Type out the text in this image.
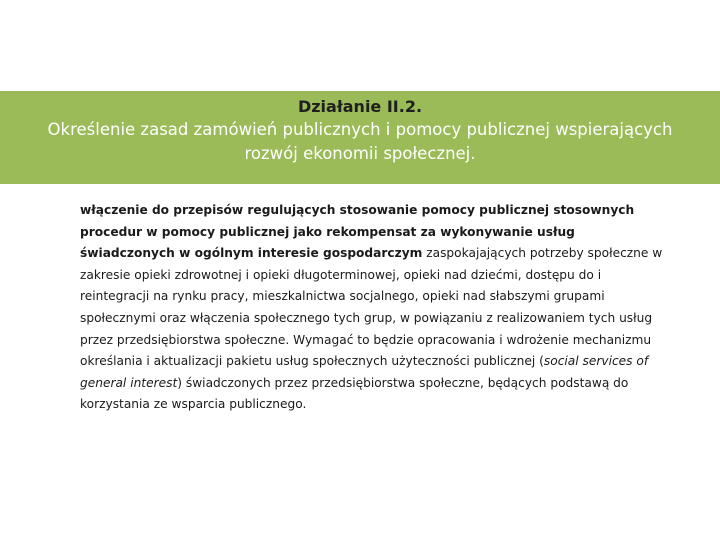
Działanie II.2.

Określenie zasad zamówień publicznych i pomocy publicznej wspierających rozwój ekonomii społecznej.

włączenie do przepisów regulujących stosowanie pomocy publicznej stosownych procedur w pomocy publicznej jako rekompensat za wykonywanie usług świadczonych w ogólnym interesie gospodarczym zaspokajających potrzeby społeczne w zakresie opieki zdrowotnej i opieki długoterminowej, opieki nad dziećmi, dostępu do i reintegracji na rynku pracy, mieszkalnictwa socjalnego, opieki nad słabszymi grupami społecznymi oraz włączenia społecznego tych grup, w powiązaniu z realizowaniem tych usług przez przedsiębiorstwa społeczne. Wymagać to będzie opracowania i wdrożenie mechanizmu określania i aktualizacji pakietu usług społecznych użyteczności publicznej (social services of general interest) świadczonych przez przedsiębiorstwa społeczne, będących podstawą do korzystania ze wsparcia publicznego.
